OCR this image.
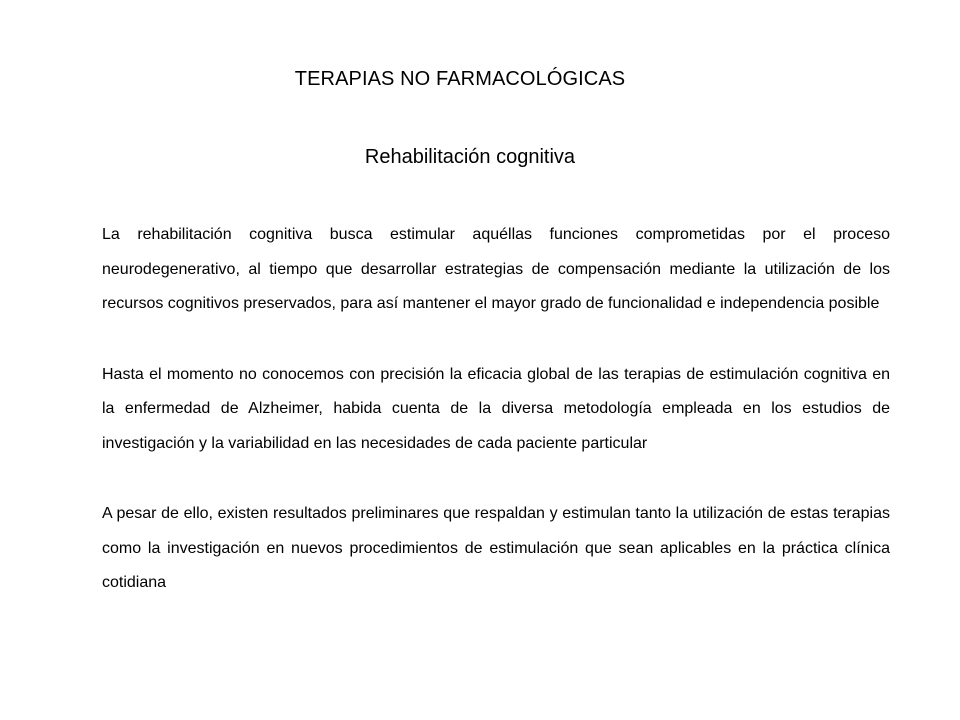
TERAPIAS NO FARMACOLÓGICAS
Rehabilitación cognitiva

La rehabilitación cognitiva busca estimular aquéllas funciones comprometidas por el proceso neurodegenerativo, al tiempo que desarrollar estrategias de compensación mediante la utilización de los recursos cognitivos preservados, para así mantener el mayor grado de funcionalidad e independencia posible

Hasta el momento no conocemos con precisión la eficacia global de las terapias de estimulación cognitiva en la enfermedad de Alzheimer, habida cuenta de la diversa metodología empleada en los estudios de investigación y la variabilidad en las necesidades de cada paciente particular

A pesar de ello, existen resultados preliminares que respaldan y estimulan tanto la utilización de estas terapias como la investigación en nuevos procedimientos de estimulación que sean aplicables en la práctica clínica cotidiana
